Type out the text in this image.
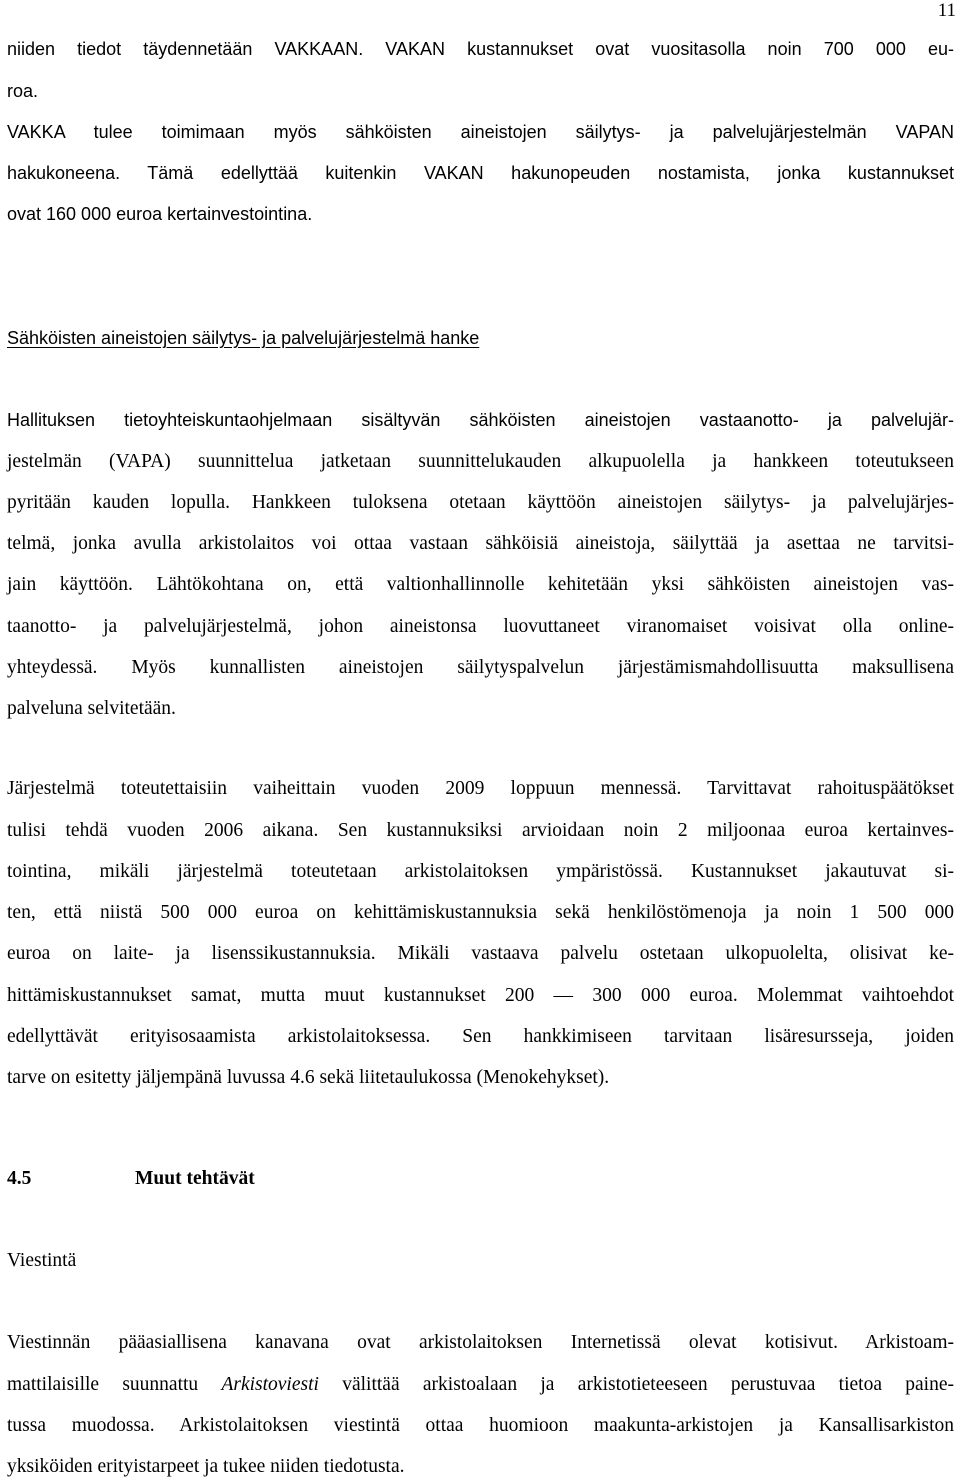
11
niiden tiedot täydennetään VAKKAAN. VAKAN kustannukset ovat vuositasolla noin 700 000 eu-
roa.
VAKKA tulee toimimaan myös sähköisten aineistojen säilytys- ja palvelujärjestelmän VAPAN
hakukoneena. Tämä edellyttää kuitenkin VAKAN hakunopeuden nostamista, jonka kustannukset
ovat 160 000 euroa kertainvestointina.
Sähköisten aineistojen säilytys- ja palvelujärjestelmä hanke
Hallituksen tietoyhteiskuntaohjelmaan sisältyvän sähköisten aineistojen vastaanotto- ja palvelujär-
jestelmän (VAPA) suunnittelua jatketaan suunnittelukauden alkupuolella ja hankkeen toteutukseen
pyritään kauden lopulla. Hankkeen tuloksena otetaan käyttöön aineistojen säilytys- ja palvelujärjes-
telmä, jonka avulla arkistolaitos voi ottaa vastaan sähköisiä aineistoja, säilyttää ja asettaa ne tarvitsi-
jain käyttöön. Lähtökohtana on, että valtionhallinnolle kehitetään yksi sähköisten aineistojen vas-
taanotto- ja palvelujärjestelmä, johon aineistonsa luovuttaneet viranomaiset voisivat olla online-
yhteydessä. Myös kunnallisten aineistojen säilytyspalvelun järjestämismahdollisuutta maksullisena
palveluna selvitetään.
Järjestelmä toteutettaisiin vaiheittain vuoden 2009 loppuun mennessä. Tarvittavat rahoituspäätökset
tulisi tehdä vuoden 2006 aikana. Sen kustannuksiksi arvioidaan noin 2 miljoonaa euroa kertainves-
tointina, mikäli järjestelmä toteutetaan arkistolaitoksen ympäristössä. Kustannukset jakautuvat si-
ten, että niistä 500 000 euroa on kehittämiskustannuksia sekä henkilöstömenoja ja noin 1 500 000
euroa on laite- ja lisenssikustannuksia. Mikäli vastaava palvelu ostetaan ulkopuolelta, olisivat ke-
hittämiskustannukset samat, mutta muut kustannukset 200 — 300 000 euroa. Molemmat vaihtoehdot
edellyttävät erityisosaamista arkistolaitoksessa. Sen hankkimiseen tarvitaan lisäresursseja, joiden
tarve on esitetty jäljempänä luvussa 4.6 sekä liitetaulukossa (Menokehykset).
4.5	Muut tehtävät
Viestintä
Viestinnän pääasiallisena kanavana ovat arkistolaitoksen Internetissä olevat kotisivut. Arkistoam-
mattilaisille suunnattu Arkistoviesti välittää arkistoalaan ja arkistotieteeseen perustuvaa tietoa paine-
tussa muodossa. Arkistolaitoksen viestintä ottaa huomioon maakunta-arkistojen ja Kansallisarkiston
yksiköiden erityistarpeet ja tukee niiden tiedotusta.
